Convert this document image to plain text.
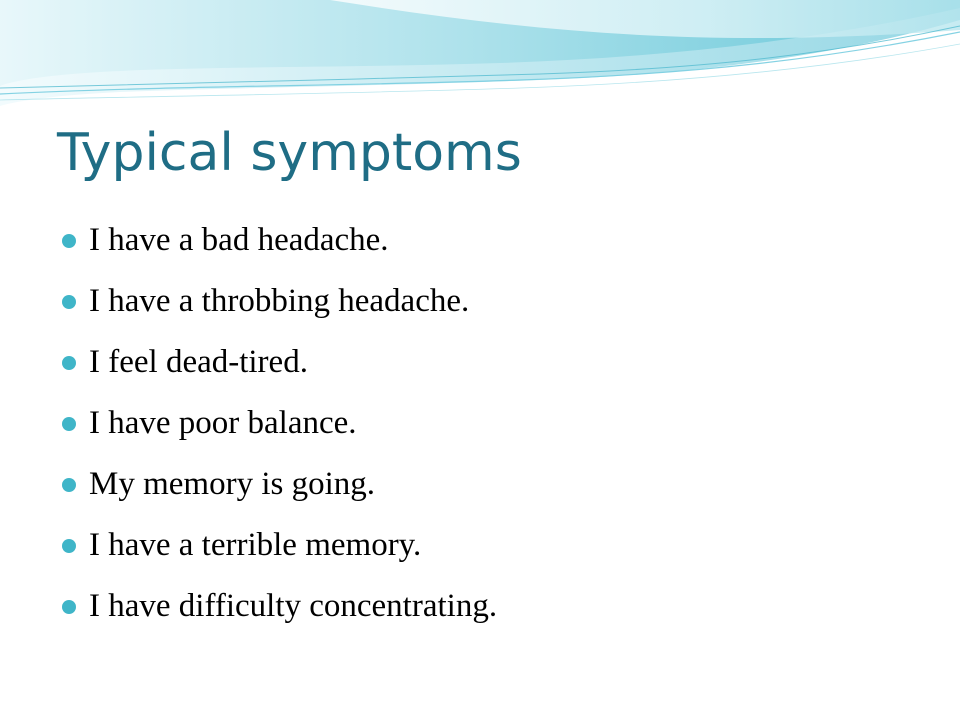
Typical symptoms
I have a bad headache.
I have a throbbing headache.
I feel dead-tired.
I have poor balance.
My memory is going.
I have a terrible memory.
I have difficulty concentrating.
